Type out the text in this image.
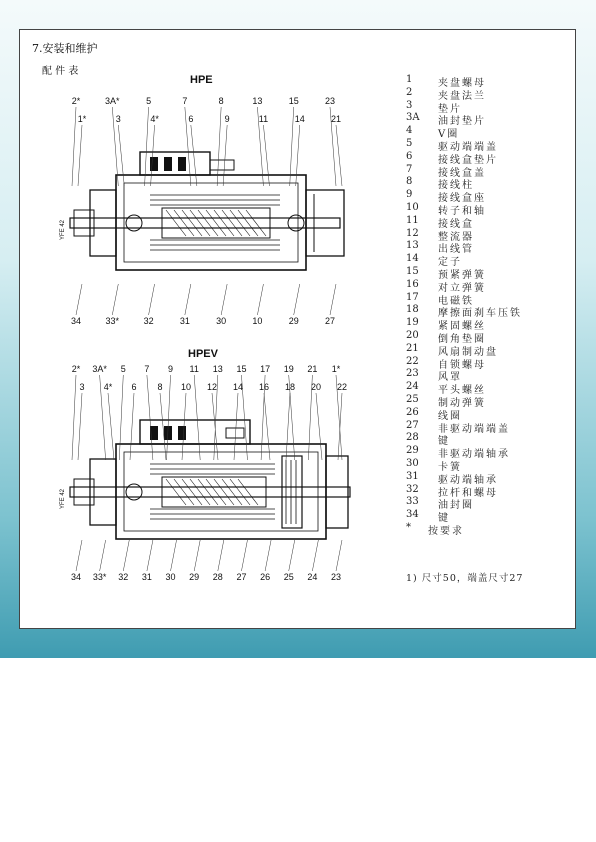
7.安装和维护
配 件 表
HPE
2*	3A*	5	7	8	13	15	23
1*	3	4*	6	9	11	14	21
34	33*	32	31	30	10	29	27
YFE 42
HPEV
2* 3A* 5 7 9 11 13 15 17 19 21 1*
3 4* 6 8 10 12 14 16 18 20 22
34 33* 32 31 30 29 28 27 26 25 24 23
YFE 42
1	夹盘螺母
2	夹盘法兰
3	垫片
3A 油封垫片
4	V圈
5	驱动端端盖
6	接线盒垫片
7	接线盒盖
8	接线柱
9	接线盒座
10 转子和轴
11 接线盒
12 整流器
13 出线管
14 定子
15 预紧弹簧
16 对立弹簧
17 电磁铁
18 摩擦面刹车压铁
19 紧固螺丝
20 倒角垫圈
21 风扇制动盘
22 自锁螺母
23 风罩
24 平头螺丝
25 制动弹簧
26 线圈
27 非驱动端端盖
28 键
29 非驱动端轴承
30 卡簧
31 驱动端轴承
32 拉杆和螺母
33 油封圈
34 键
* 按要求
1) 尺寸50，端盖尺寸27
